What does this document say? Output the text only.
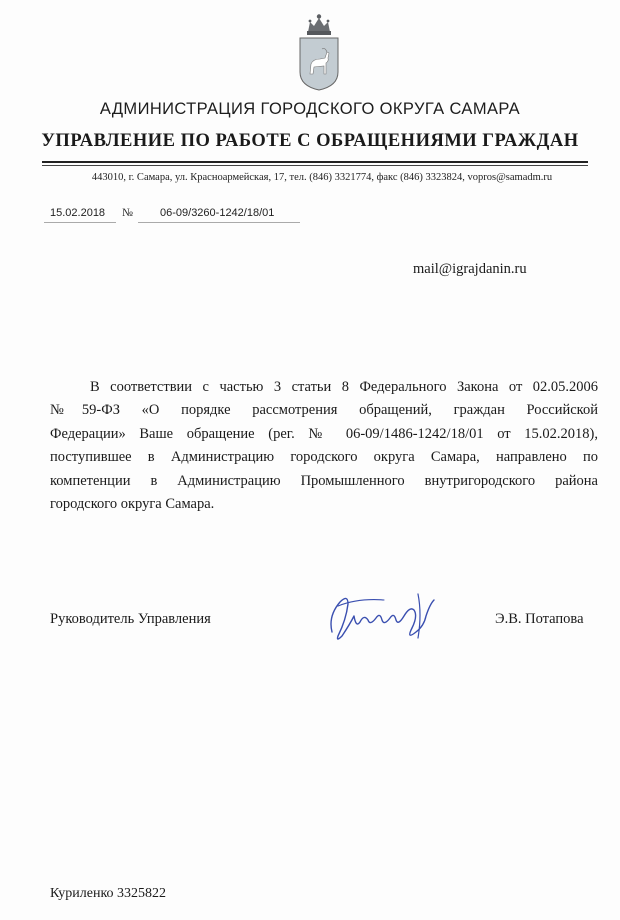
АДМИНИСТРАЦИЯ ГОРОДСКОГО ОКРУГА САМАРА
УПРАВЛЕНИЕ ПО РАБОТЕ С ОБРАЩЕНИЯМИ ГРАЖДАН
443010, г. Самара, ул. Красноармейская, 17, тел. (846) 3321774, факс (846) 3323824, vopros@samadm.ru
15.02.2018 № 06-09/3260-1242/18/01
mail@igrajdanin.ru
В соответствии с частью 3 статьи 8 Федерального Закона от 02.05.2006
№59-ФЗ «О порядке рассмотрения обращений, граждан Российской
Федерации» Ваше обращение (рег. № 06-09/1486-1242/18/01 от 15.02.2018),
поступившее в Администрацию городского округа Самара, направлено по
компетенции в Администрацию Промышленного внутригородского района
городского округа Самара.
Руководитель Управления	Э.В. Потапова
Куриленко 3325822
